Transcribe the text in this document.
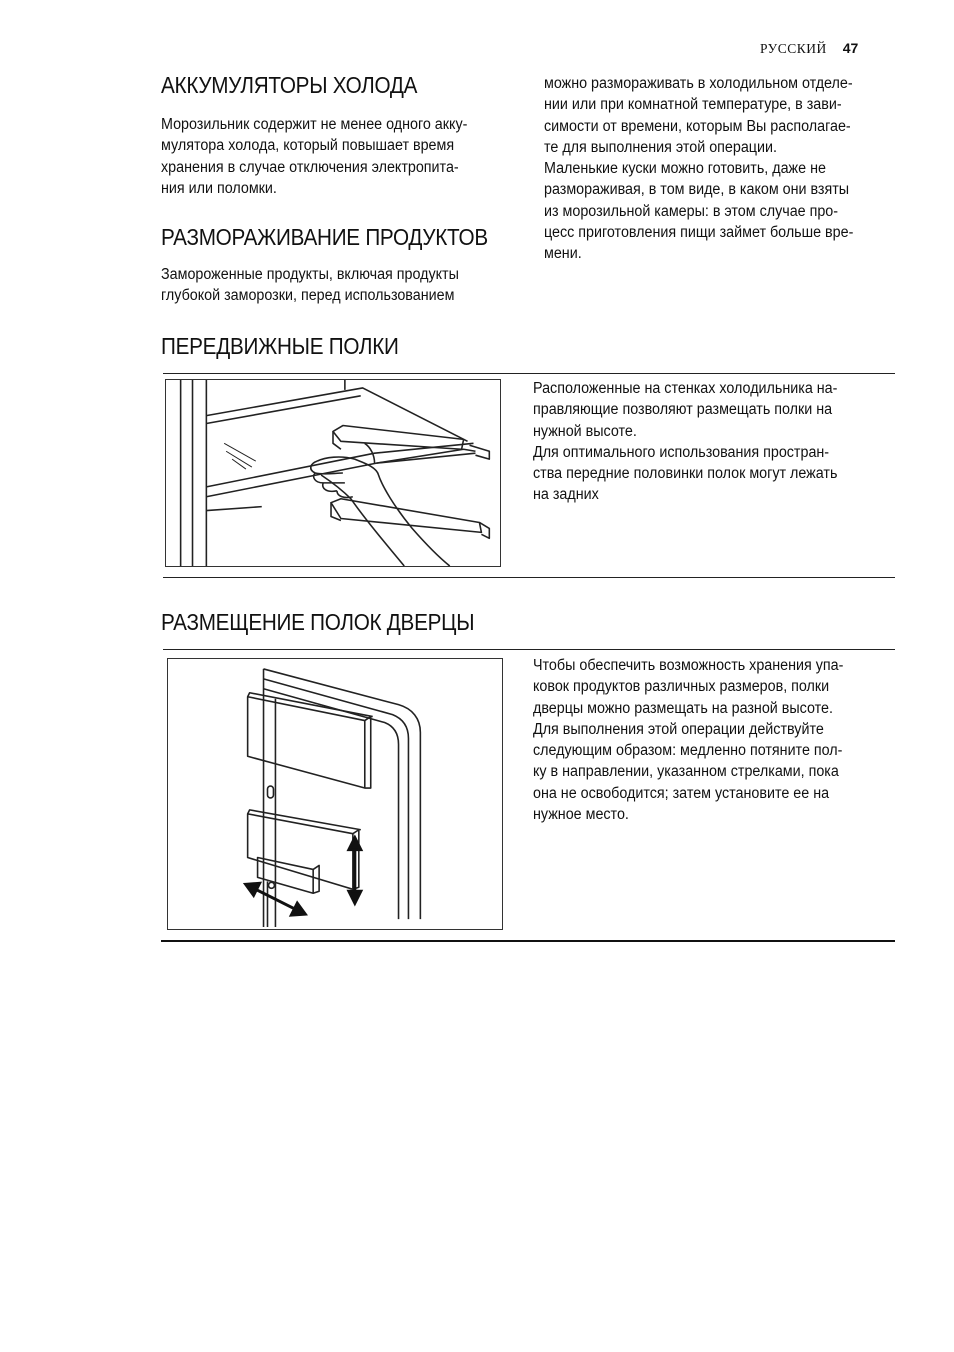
РУССКИЙ 47
АККУМУЛЯТОРЫ ХОЛОДА
Морозильник содержит не менее одного акку-
мулятора холода, который повышает время
хранения в случае отключения электропита-
ния или поломки.
РАЗМОРАЖИВАНИЕ ПРОДУКТОВ
Замороженные продукты, включая продукты
глубокой заморозки, перед использованием
можно размораживать в холодильном отделе-
нии или при комнатной температуре, в зави-
симости от времени, которым Вы располагае-
те для выполнения этой операции.
Маленькие куски можно готовить, даже не
размораживая, в том виде, в каком они взяты
из морозильной камеры: в этом случае про-
цесс приготовления пищи займет больше вре-
мени.
ПЕРЕДВИЖНЫЕ ПОЛКИ
Расположенные на стенках холодильника на-
правляющие позволяют размещать полки на
нужной высоте.
Для оптимального использования простран-
ства передние половинки полок могут лежать
на задних
РАЗМЕЩЕНИЕ ПОЛОК ДВЕРЦЫ
Чтобы обеспечить возможность хранения упа-
ковок продуктов различных размеров, полки
дверцы можно размещать на разной высоте.
Для выполнения этой операции действуйте
следующим образом: медленно потяните пол-
ку в направлении, указанном стрелками, пока
она не освободится; затем установите ее на
нужное место.
